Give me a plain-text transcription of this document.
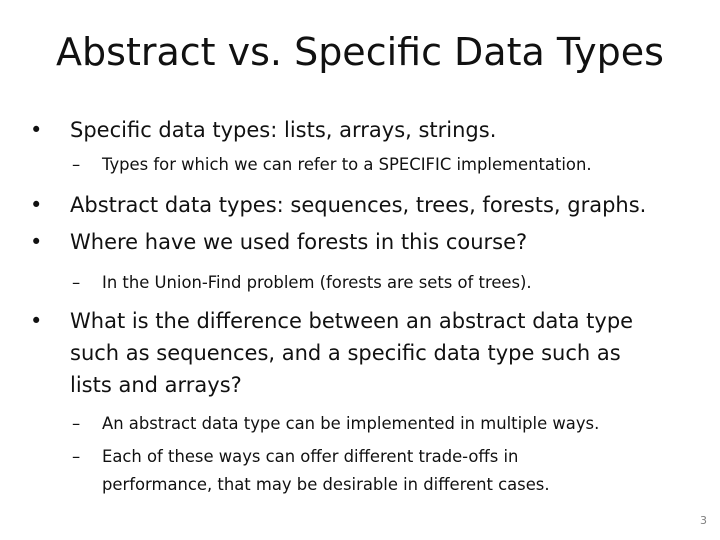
Abstract vs. Specific Data Types
• Specific data types: lists, arrays, strings.
– Types for which we can refer to a SPECIFIC implementation.
• Abstract data types: sequences, trees, forests, graphs.
• Where have we used forests in this course?
– In the Union-Find problem (forests are sets of trees).
• What is the difference between an abstract data type
such as sequences, and a specific data type such as
lists and arrays?
– An abstract data type can be implemented in multiple ways.
– Each of these ways can offer different trade-offs in
performance, that may be desirable in different cases.
3
